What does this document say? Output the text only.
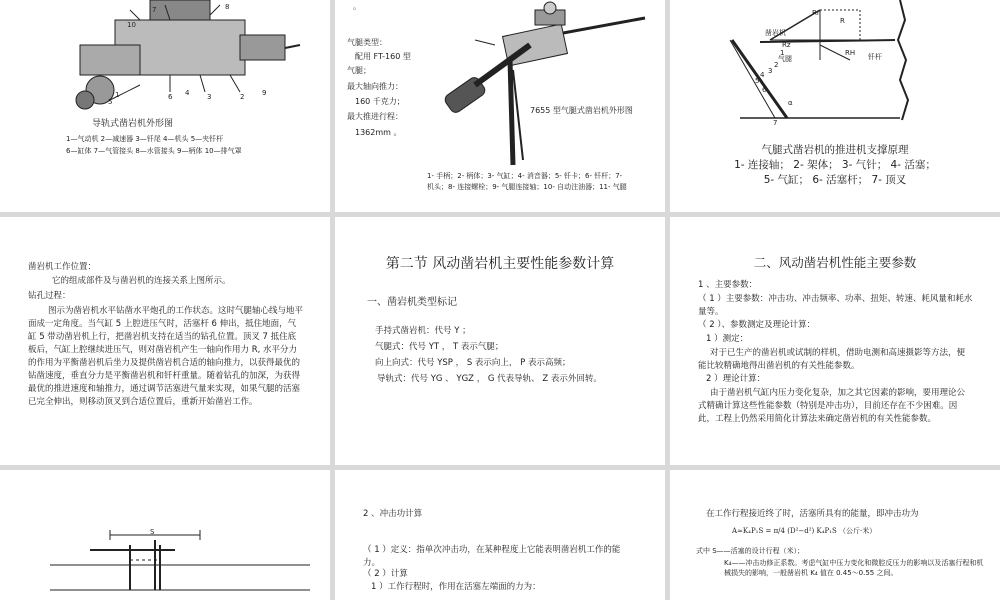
10
7	8
1
5
6 4	3	2	9
导轨式凿岩机外形图
1—气动机 2—减速器 3—钎尾 4—机头 5—夹钎杆
6—缸体 7—气管接头 8—水管接头 9—柄体 10—排气罩
。
气腿类型：
配用 FT-160 型
气腿；
最大轴向推力：
160 千克力；
最大推进行程：
1362mm 。
7655 型气腿式凿岩机外形图
1- 手柄；2- 柄体；3- 气缸；4- 消音器；5- 钎卡；6- 钎杆；7-
机头；8- 连接螺栓；9- 气腿连接轴；10- 自动注油器；11- 气腿
凿岩机
钎杆
气腿
R
Rr
RH
Rz
α
1
2
3
4
5
6
7
气腿式凿岩机的推进机支撑原理
1- 连接轴； 2- 架体； 3- 气针； 4- 活塞；
5- 气缸； 6- 活塞杆； 7- 顶叉
凿岩机工作位置：
它的组成部件及与凿岩机的连接关系上图所示。
钻孔过程：
图示为凿岩机水平钻凿水平炮孔的工作状态。这时气腿轴心线与地平面成一定角度。当气缸 5 上腔进压气时，活塞杆 6 伸出，抵住地面，气缸 5 带动凿岩机上行，把凿岩机支持在适当的钻孔位置。顶叉 7 抵住底板后，气缸上腔继续进压气，则对凿岩机产生一轴向作用力 R, 水平分力的作用为平衡凿岩机后坐力及提供凿岩机合适的轴向推力，以获得最优的钻凿速度，垂直分力是平衡凿岩机和钎杆重量。随着钻孔的加深，为获得最优的推进速度和轴推力，通过调节活塞进气量来实现，如果气腿的活塞已完全伸出，则移动顶叉到合适位置后，重新开始凿岩工作。
第二节 风动凿岩机主要性能参数计算
一、凿岩机类型标记
手持式凿岩机：代号 Y ；
气腿式：代号 YT ， T 表示气腿；
向上向式：代号 YSP ， S 表示向上， P 表示高频；
导轨式：代号 YG 、 YGZ ， G 代表导轨、 Z 表示外回转。
二、风动凿岩机性能主要参数
1 、主要参数：
（ 1 ）主要参数：冲击功、冲击频率、功率、扭矩、转速、耗风量和耗水量等。
（ 2 ）、参数测定及理论计算：
1 ）测定：
对于已生产的凿岩机或试制的样机，借助电测和高速摄影等方法，便能比较精确地得出凿岩机的有关性能参数。
2 ）理论计算：
由于凿岩机气缸内压力变化复杂，加之其它因素的影响，要用理论公式精确计算这些性能参数（特别是冲击功），目前还存在不少困难。因此，工程上仍然采用简化计算法来确定凿岩机的有关性能参数。
S
2 、冲击功计算
（ 1 ）定义：指单次冲击功，在某种程度上它能表明凿岩机工作的能力。
（ 2 ）计算
1 ）工作行程时，作用在活塞左端面的力为：
在工作行程接近终了时，活塞所具有的能量，即冲击功为
A≈K₄P₁S = π/4 (D²−d²) K₄P₁S （公斤·米）
式中 S——活塞的设计行程（米）；
K₄——冲击功修正系数。考虑气缸中压力变化和微腔反压力的影响以及活塞行程和机械损失的影响，一般凿岩机 K₄ 值在 0.45～0.55 之间。
